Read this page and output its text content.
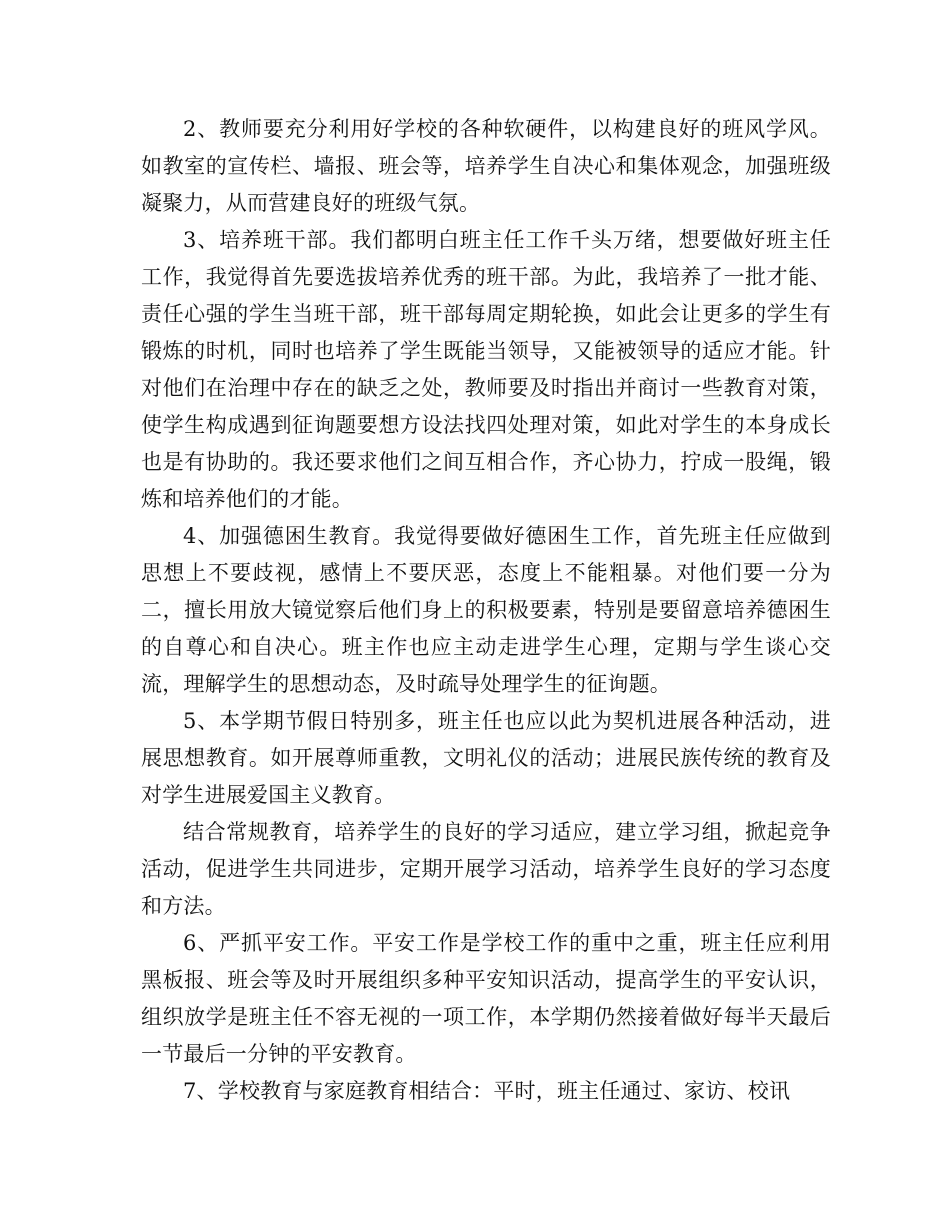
2、教师要充分利用好学校的各种软硬件，以构建良好的班风学风。如教室的宣传栏、墙报、班会等，培养学生自决心和集体观念，加强班级凝聚力，从而营建良好的班级气氛。

3、培养班干部。我们都明白班主任工作千头万绪，想要做好班主任工作，我觉得首先要选拔培养优秀的班干部。为此，我培养了一批才能、责任心强的学生当班干部，班干部每周定期轮换，如此会让更多的学生有锻炼的时机，同时也培养了学生既能当领导，又能被领导的适应才能。针对他们在治理中存在的缺乏之处，教师要及时指出并商讨一些教育对策，使学生构成遇到征询题要想方设法找四处理对策，如此对学生的本身成长也是有协助的。我还要求他们之间互相合作，齐心协力，拧成一股绳，锻炼和培养他们的才能。

4、加强德困生教育。我觉得要做好德困生工作，首先班主任应做到思想上不要歧视，感情上不要厌恶，态度上不能粗暴。对他们要一分为二，擅长用放大镜觉察后他们身上的积极要素，特别是要留意培养德困生的自尊心和自决心。班主作也应主动走进学生心理，定期与学生谈心交流，理解学生的思想动态，及时疏导处理学生的征询题。

5、本学期节假日特别多，班主任也应以此为契机进展各种活动，进展思想教育。如开展尊师重教，文明礼仪的活动；进展民族传统的教育及对学生进展爱国主义教育。

结合常规教育，培养学生的良好的学习适应，建立学习组，掀起竞争活动，促进学生共同进步，定期开展学习活动，培养学生良好的学习态度和方法。

6、严抓平安工作。平安工作是学校工作的重中之重，班主任应利用黑板报、班会等及时开展组织多种平安知识活动，提高学生的平安认识，组织放学是班主任不容无视的一项工作，本学期仍然接着做好每半天最后一节最后一分钟的平安教育。

7、学校教育与家庭教育相结合：平时，班主任通过、家访、校讯
